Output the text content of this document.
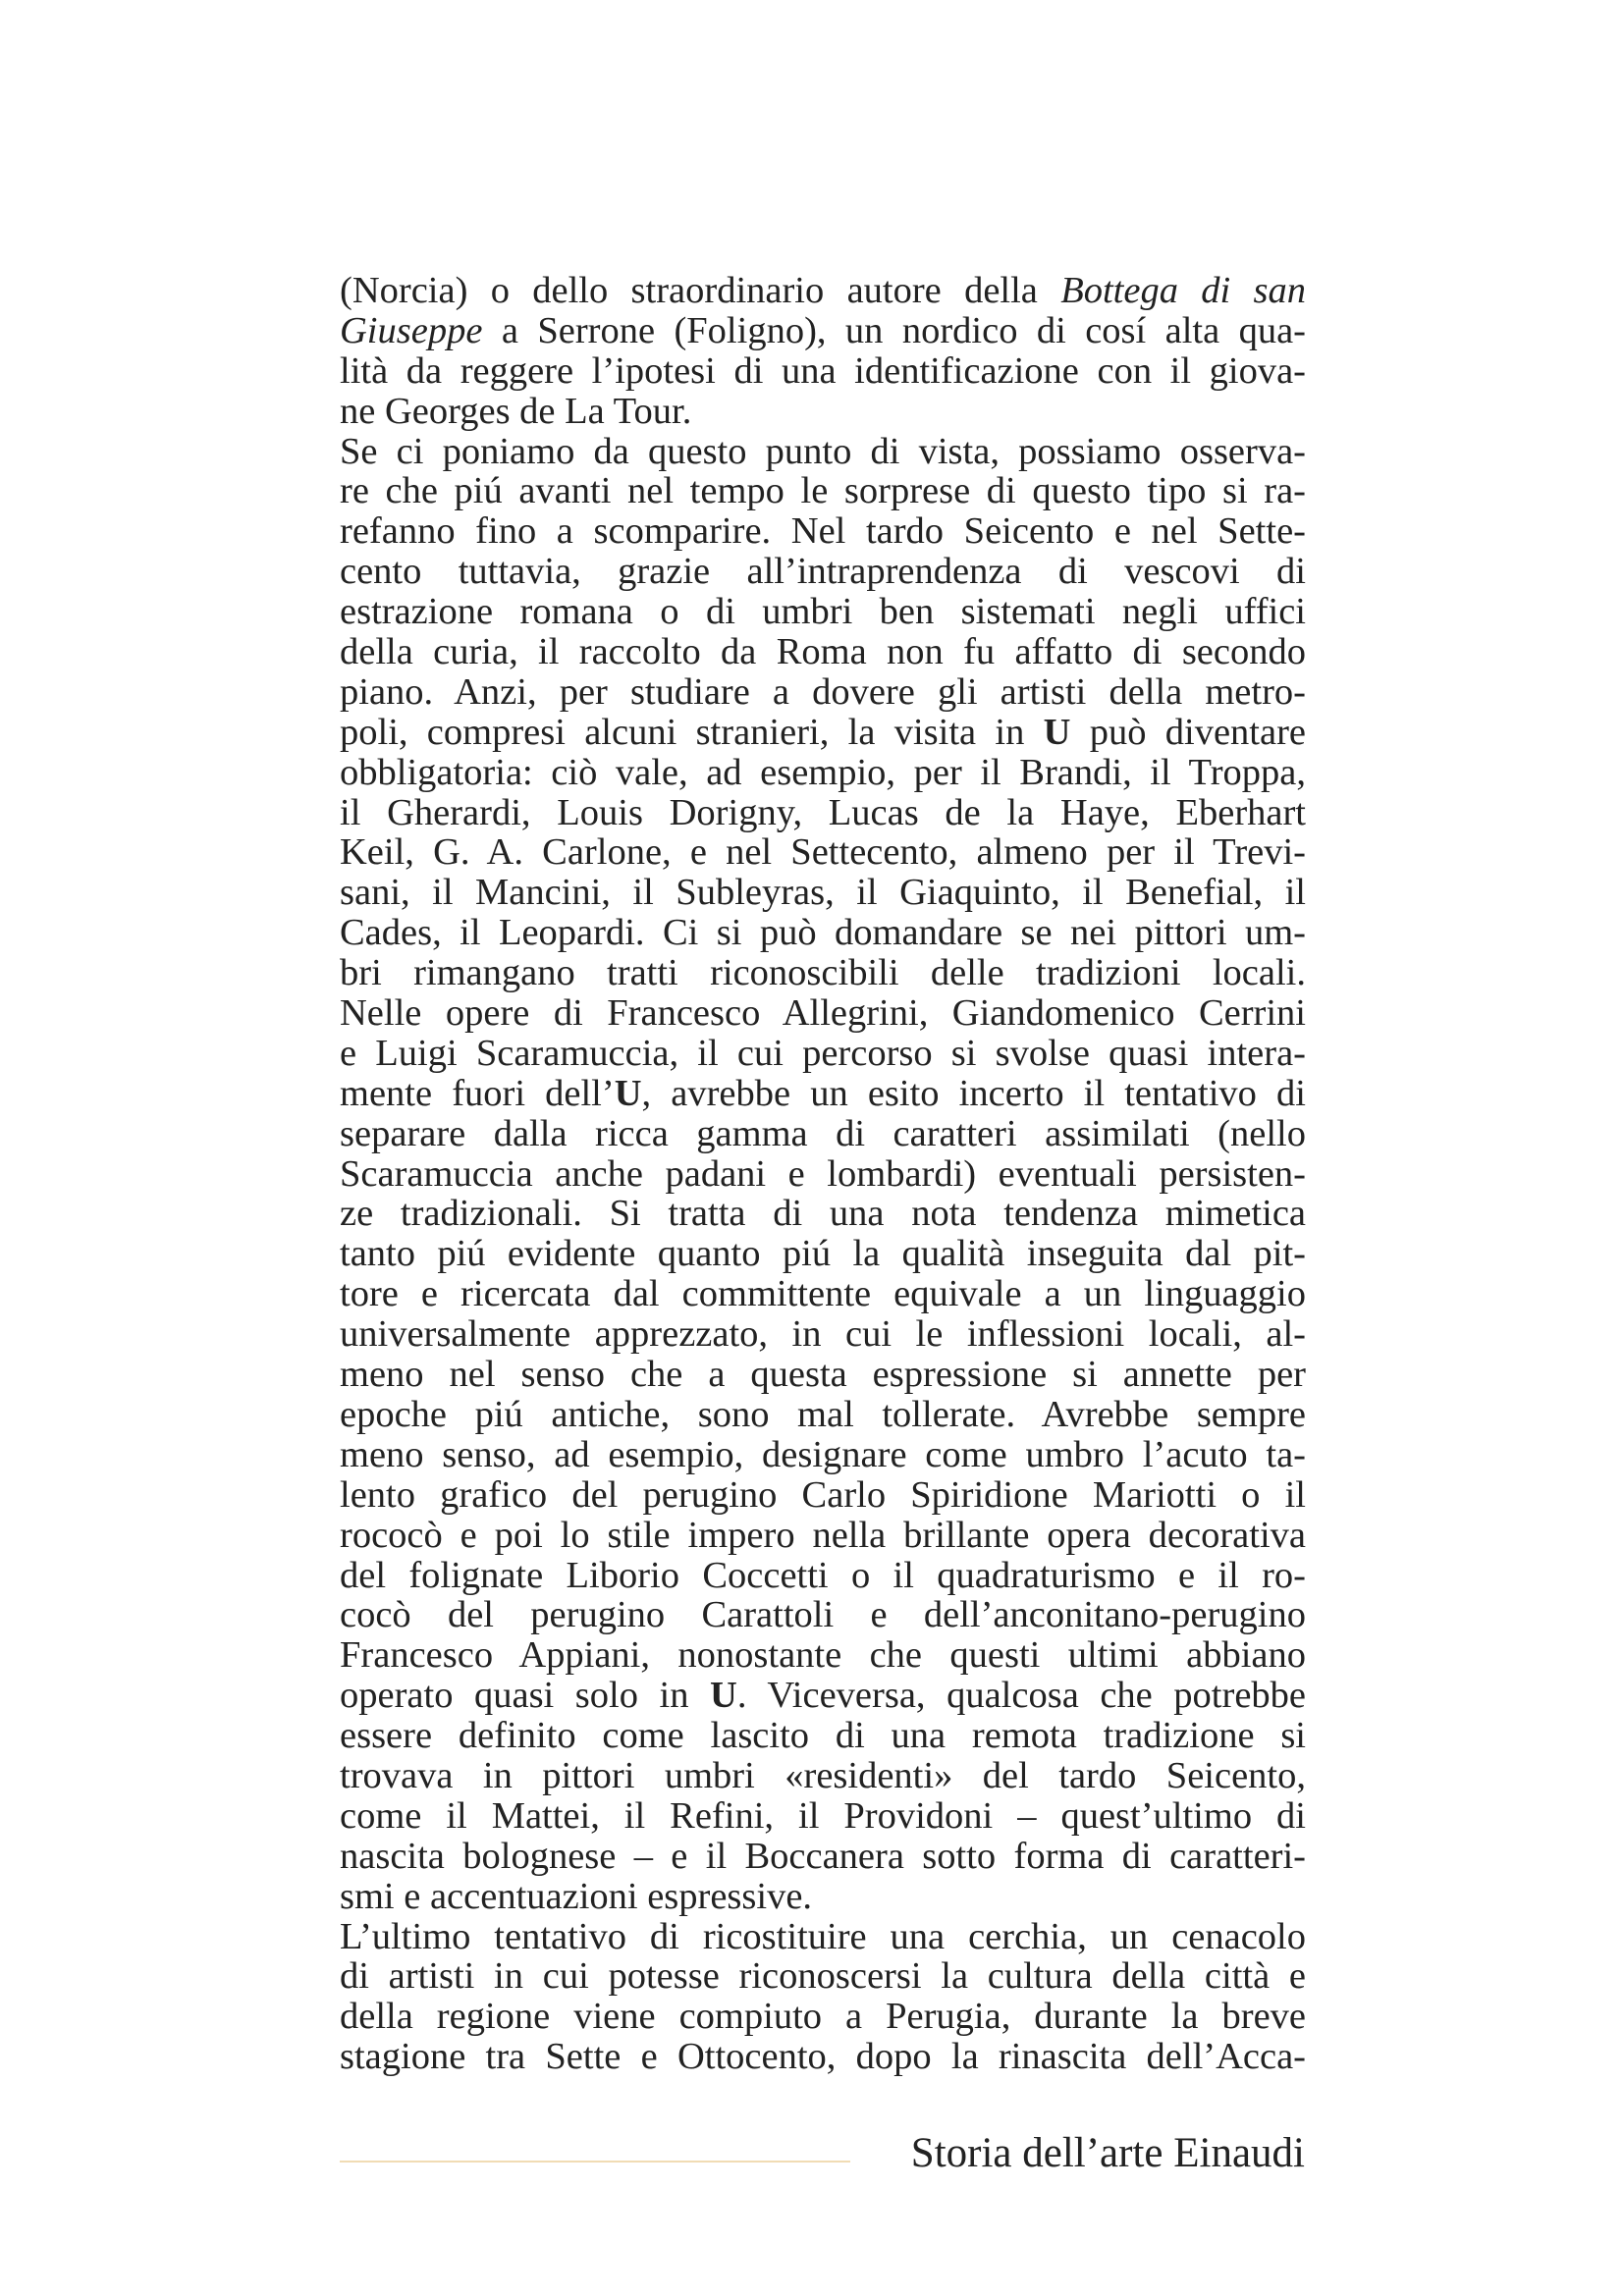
(Norcia) o dello straordinario autore della Bottega di san
Giuseppe a Serrone (Foligno), un nordico di cosí alta qua-
lità da reggere l’ipotesi di una identificazione con il giova-
ne Georges de La Tour.
Se ci poniamo da questo punto di vista, possiamo osserva-
re che piú avanti nel tempo le sorprese di questo tipo si ra-
refanno fino a scomparire. Nel tardo Seicento e nel Sette-
cento tuttavia, grazie all’intraprendenza di vescovi di
estrazione romana o di umbri ben sistemati negli uffici
della curia, il raccolto da Roma non fu affatto di secondo
piano. Anzi, per studiare a dovere gli artisti della metro-
poli, compresi alcuni stranieri, la visita in U può diventare
obbligatoria: ciò vale, ad esempio, per il Brandi, il Troppa,
il Gherardi, Louis Dorigny, Lucas de la Haye, Eberhart
Keil, G. A. Carlone, e nel Settecento, almeno per il Trevi-
sani, il Mancini, il Subleyras, il Giaquinto, il Benefial, il
Cades, il Leopardi. Ci si può domandare se nei pittori um-
bri rimangano tratti riconoscibili delle tradizioni locali.
Nelle opere di Francesco Allegrini, Giandomenico Cerrini
e Luigi Scaramuccia, il cui percorso si svolse quasi intera-
mente fuori dell’U, avrebbe un esito incerto il tentativo di
separare dalla ricca gamma di caratteri assimilati (nello
Scaramuccia anche padani e lombardi) eventuali persisten-
ze tradizionali. Si tratta di una nota tendenza mimetica
tanto piú evidente quanto piú la qualità inseguita dal pit-
tore e ricercata dal committente equivale a un linguaggio
universalmente apprezzato, in cui le inflessioni locali, al-
meno nel senso che a questa espressione si annette per
epoche piú antiche, sono mal tollerate. Avrebbe sempre
meno senso, ad esempio, designare come umbro l’acuto ta-
lento grafico del perugino Carlo Spiridione Mariotti o il
rococò e poi lo stile impero nella brillante opera decorativa
del folignate Liborio Coccetti o il quadraturismo e il ro-
cocò del perugino Carattoli e dell’anconitano-perugino
Francesco Appiani, nonostante che questi ultimi abbiano
operato quasi solo in U. Viceversa, qualcosa che potrebbe
essere definito come lascito di una remota tradizione si
trovava in pittori umbri «residenti» del tardo Seicento,
come il Mattei, il Refini, il Providoni – quest’ultimo di
nascita bolognese – e il Boccanera sotto forma di caratteri-
smi e accentuazioni espressive.
L’ultimo tentativo di ricostituire una cerchia, un cenacolo
di artisti in cui potesse riconoscersi la cultura della città e
della regione viene compiuto a Perugia, durante la breve
stagione tra Sette e Ottocento, dopo la rinascita dell’Acca-
Storia dell’arte Einaudi
